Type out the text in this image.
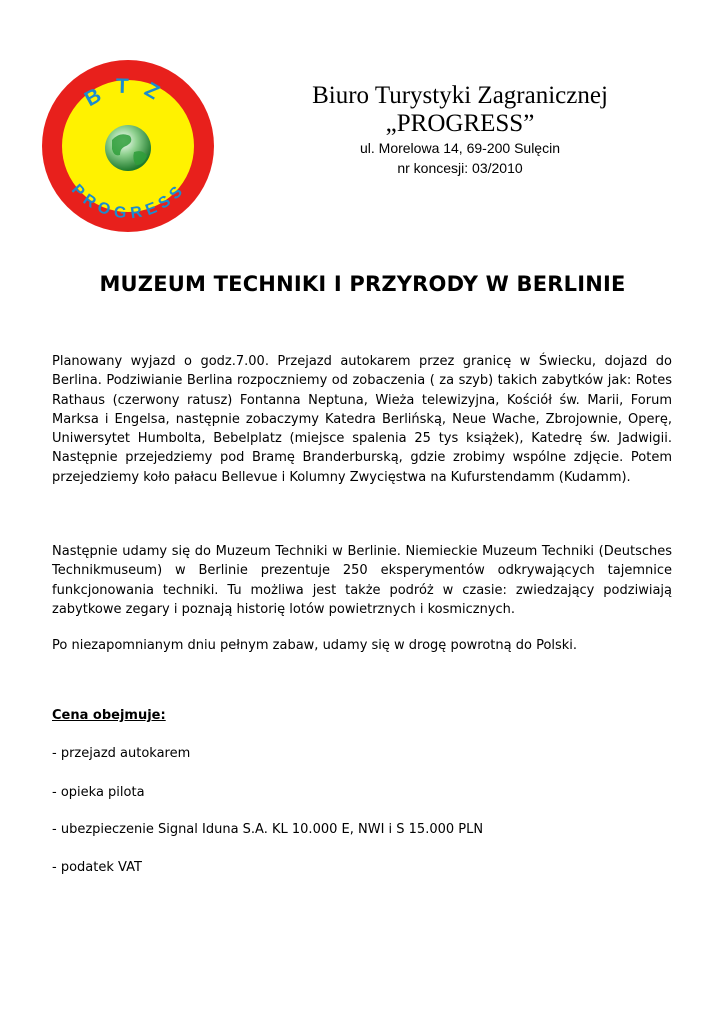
BTZ
PROGRESS
Biuro Turystyki Zagranicznej
„PROGRESS”
ul. Morelowa 14, 69-200 Sulęcin
nr koncesji: 03/2010
MUZEUM TECHNIKI I PRZYRODY W BERLINIE

Planowany wyjazd o godz.7.00. Przejazd autokarem przez granicę w Świecku, dojazd do Berlina. Podziwianie Berlina rozpoczniemy od zobaczenia ( za szyb) takich zabytków jak: Rotes Rathaus (czerwony ratusz) Fontanna Neptuna, Wieża telewizyjna, Kościół św. Marii, Forum Marksa i Engelsa, następnie zobaczymy Katedra Berlińską, Neue Wache, Zbrojownie, Operę, Uniwersytet Humbolta, Bebelplatz (miejsce spalenia 25 tys książek), Katedrę św. Jadwigii. Następnie przejedziemy pod Bramę Branderburską, gdzie zrobimy wspólne zdjęcie. Potem przejedziemy koło pałacu Bellevue i Kolumny Zwycięstwa na Kufurstendamm (Kudamm).

Następnie udamy się do Muzeum Techniki w Berlinie. Niemieckie Muzeum Techniki (Deutsches Technikmuseum) w Berlinie prezentuje 250 eksperymentów odkrywających tajemnice funkcjonowania techniki. Tu możliwa jest także podróż w czasie: zwiedzający podziwiają zabytkowe zegary i poznają historię lotów powietrznych i kosmicznych.

Po niezapomnianym dniu pełnym zabaw, udamy się w drogę powrotną do Polski.

Cena obejmuje:
- przejazd autokarem
- opieka pilota
- ubezpieczenie Signal Iduna S.A. KL 10.000 E, NWI i S 15.000 PLN
- podatek VAT
